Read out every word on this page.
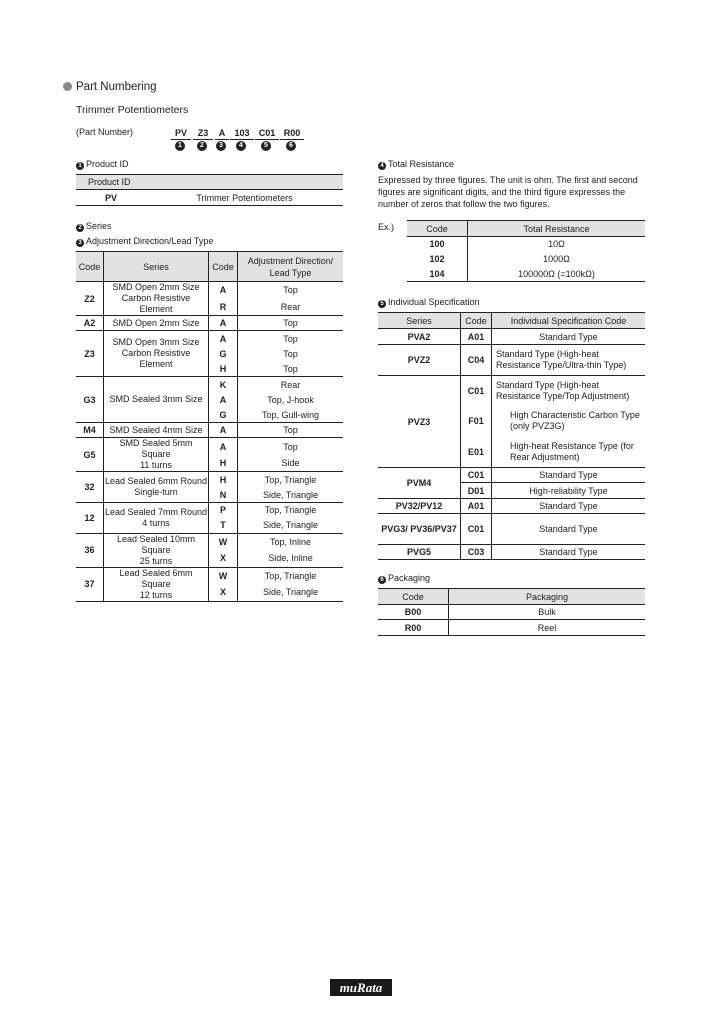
Part Numbering
Trimmer Potentiometers
(Part Number)	PV	Z3	A	103	C01 R00
1	2	3	4	5	6
1 Product ID
Product ID
PV	Trimmer Potentiometers
2 Series
3 Adjustment Direction/Lead Type
Code	Series	Code	Adjustment Direction/
Lead Type
Z2	SMD Open 2mm Size
Carbon Resistive Element	A	Top
		R	Rear
A2	SMD Open 2mm Size	A	Top
Z3	SMD Open 3mm Size
Carbon Resistive Element	A	Top
		G	Top
		H	Top
G3	SMD Sealed 3mm Size	K	Rear
		A	Top, J-hook
		G	Top, Gull-wing
M4	SMD Sealed 4mm Size	A	Top
G5	SMD Sealed 5mm Square
11 turns	A	Top
		H	Side
32	Lead Sealed 6mm Round
Single-turn	H	Top, Triangle
		N	Side, Triangle
12	Lead Sealed 7mm Round
4 turns	P	Top, Triangle
		T	Side, Triangle
36	Lead Sealed 10mm Square
25 turns	W	Top, Inline
		X	Side, Inline
37	Lead Sealed 6mm Square
12 turns	W	Top, Triangle
		X	Side, Triangle
4 Total Resistance
Expressed by three figures. The unit is ohm. The first and second figures are significant digits, and the third figure expresses the number of zeros that follow the two figures.
Ex.)	Code	Total Resistance
100	10Ω
102	1000Ω
104	100000Ω (=100kΩ)
5 Individual Specification
Series	Code	Individual Specification Code
PVA2	A01	Standard Type
PVZ2	C04	Standard Type (High-heat Resistance Type/Ultra-thin Type)
PVZ3	C01	Standard Type (High-heat Resistance Type/Top Adjustment)
	F01	High Characteristic Carbon Type (only PVZ3G)
	E01	High-heat Resistance Type (for Rear Adjustment)
PVM4	C01	Standard Type
	D01	High-reliability Type
PV32/PV12	A01	Standard Type
PVG3/ PV36/PV37	C01	Standard Type
PVG5	C03	Standard Type
6 Packaging
Code	Packaging
B00	Bulk
R00	Reel
muRata
